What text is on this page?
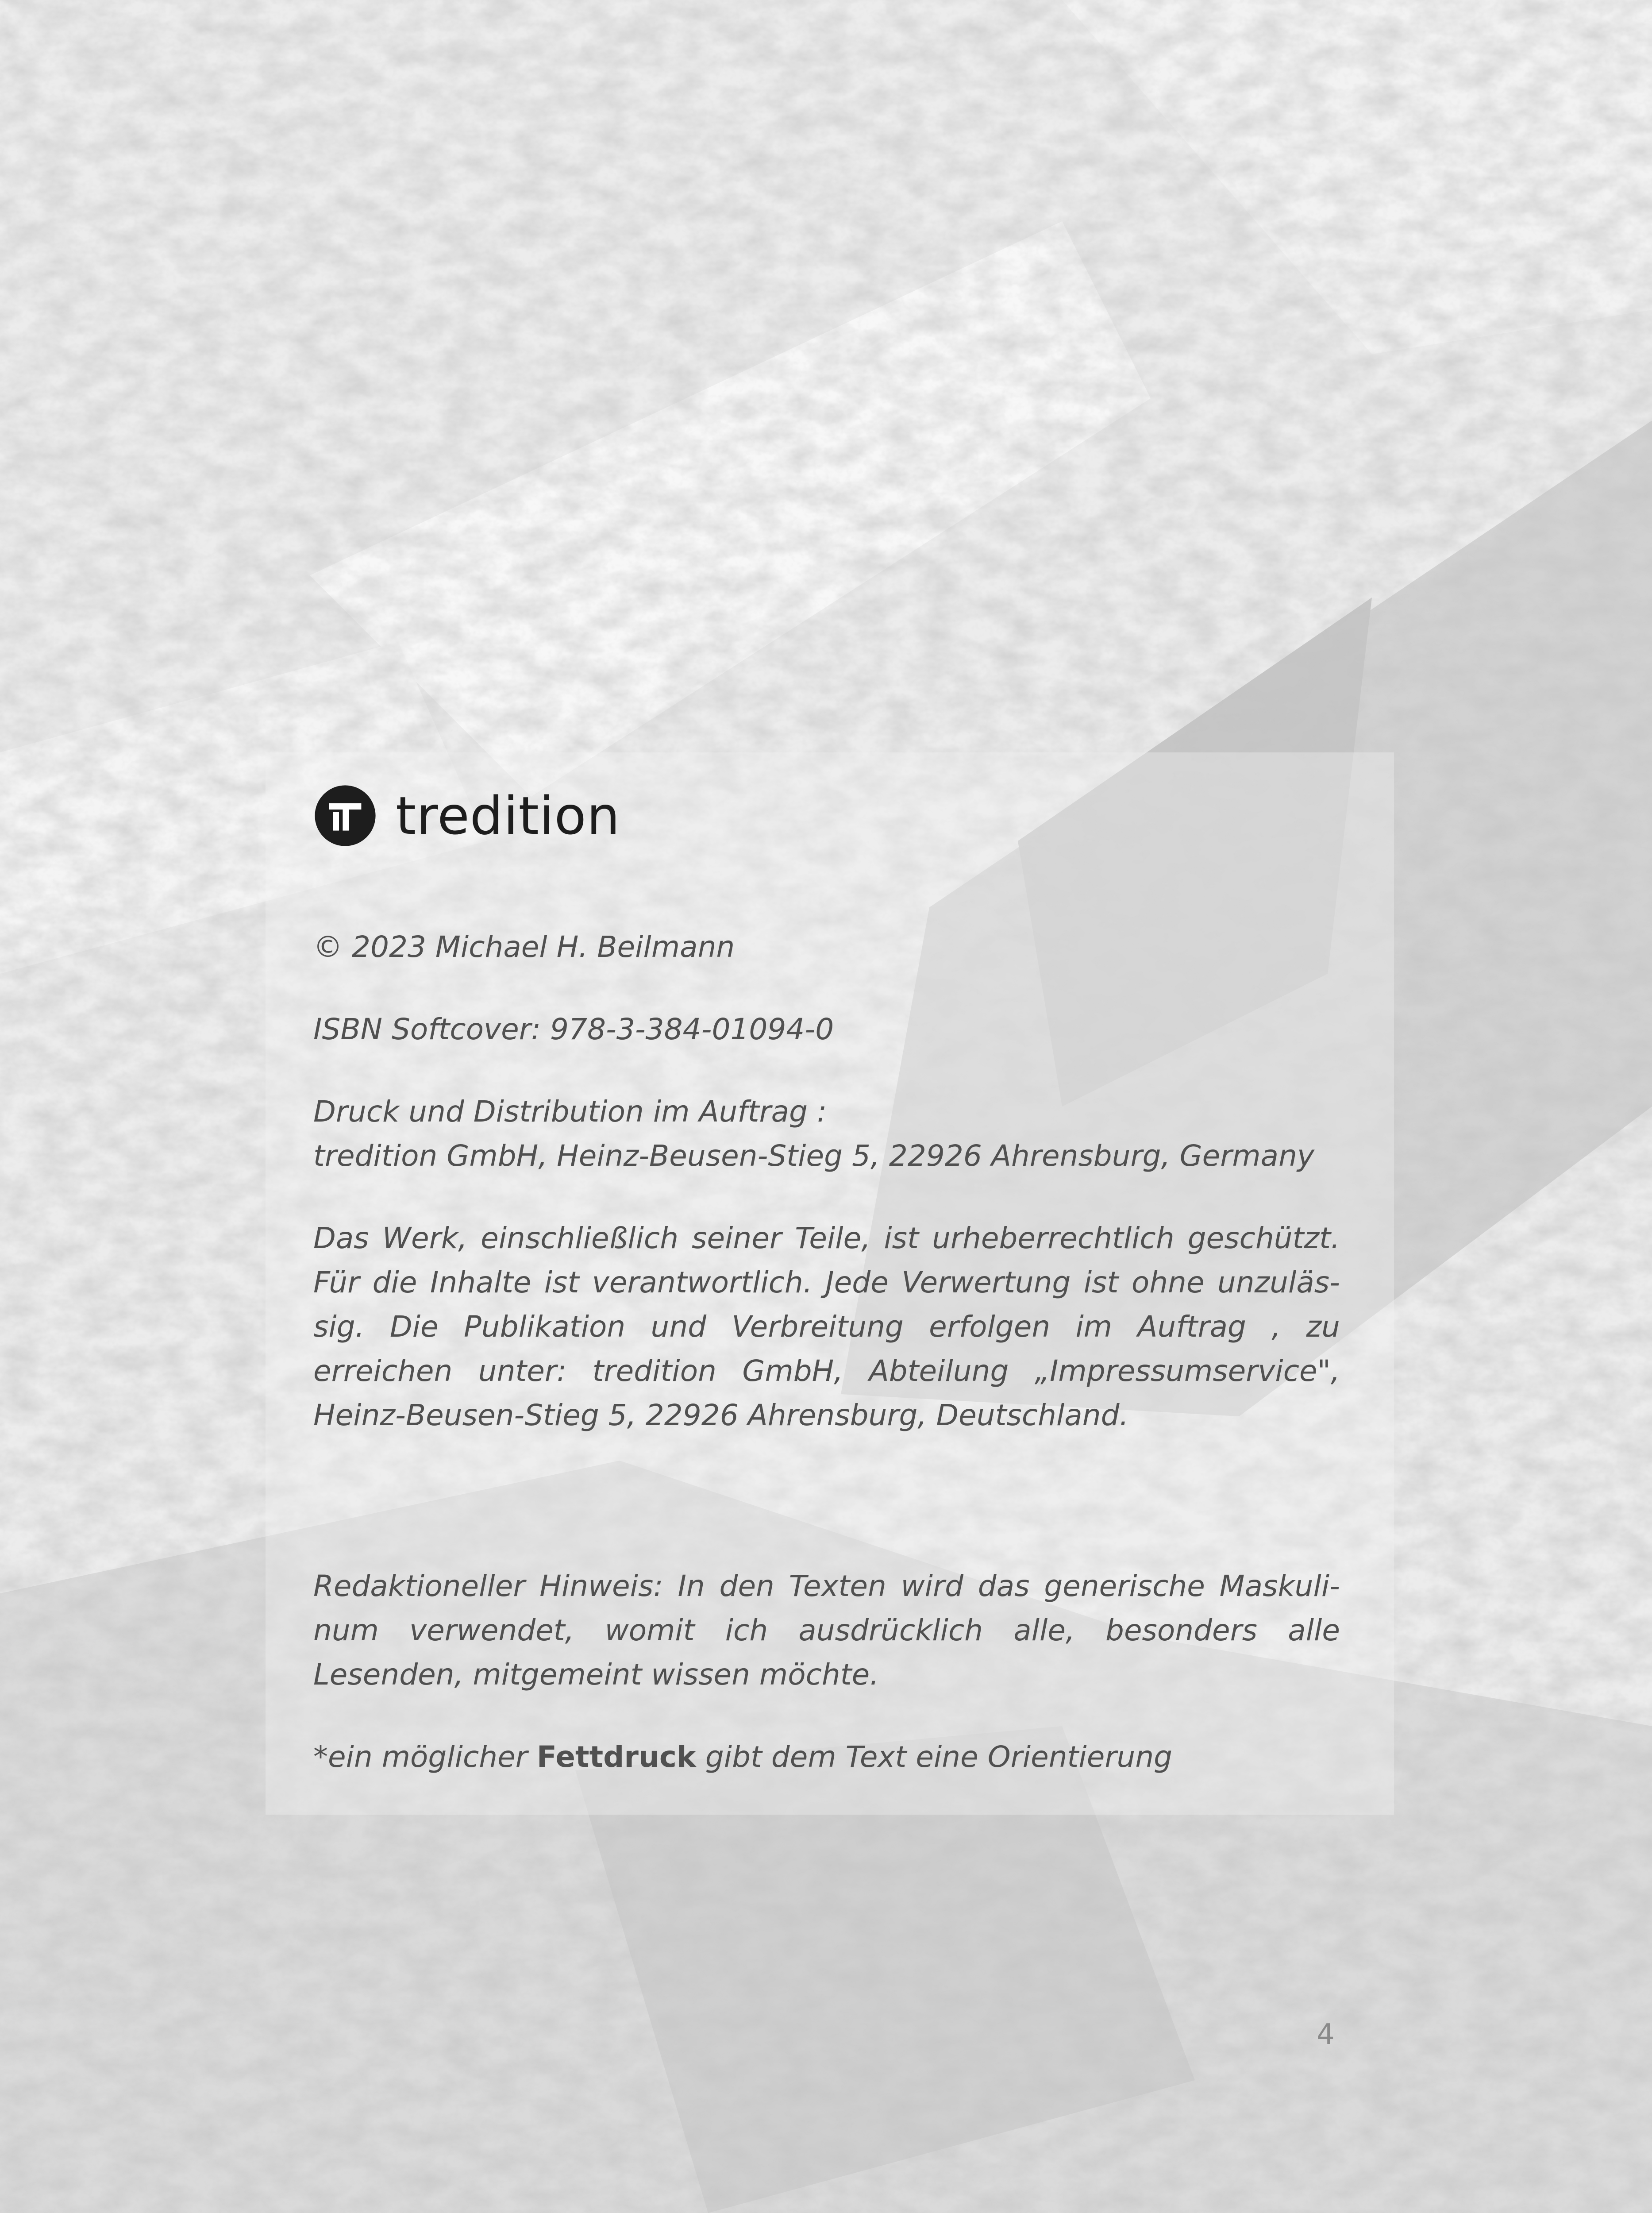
tredition

© 2023 Michael H. Beilmann

ISBN Softcover: 978-3-384-01094-0

Druck und Distribution im Auftrag :

tredition GmbH, Heinz-Beusen-Stieg 5, 22926 Ahrensburg, Germany

Das Werk, einschließlich seiner Teile, ist urheberrechtlich geschützt. Für die Inhalte ist verantwortlich. Jede Verwertung ist ohne unzuläs- sig. Die Publikation und Verbreitung erfolgen im Auftrag , zu erreichen unter: tredition GmbH, Abteilung „Impressumservice", Heinz-Beusen-Stieg 5, 22926 Ahrensburg, Deutschland.

Redaktioneller Hinweis: In den Texten wird das generische Maskuli- num verwendet, womit ich ausdrücklich alle, besonders alle Lesenden, mitgemeint wissen möchte.

*ein möglicher Fettdruck gibt dem Text eine Orientierung

4
